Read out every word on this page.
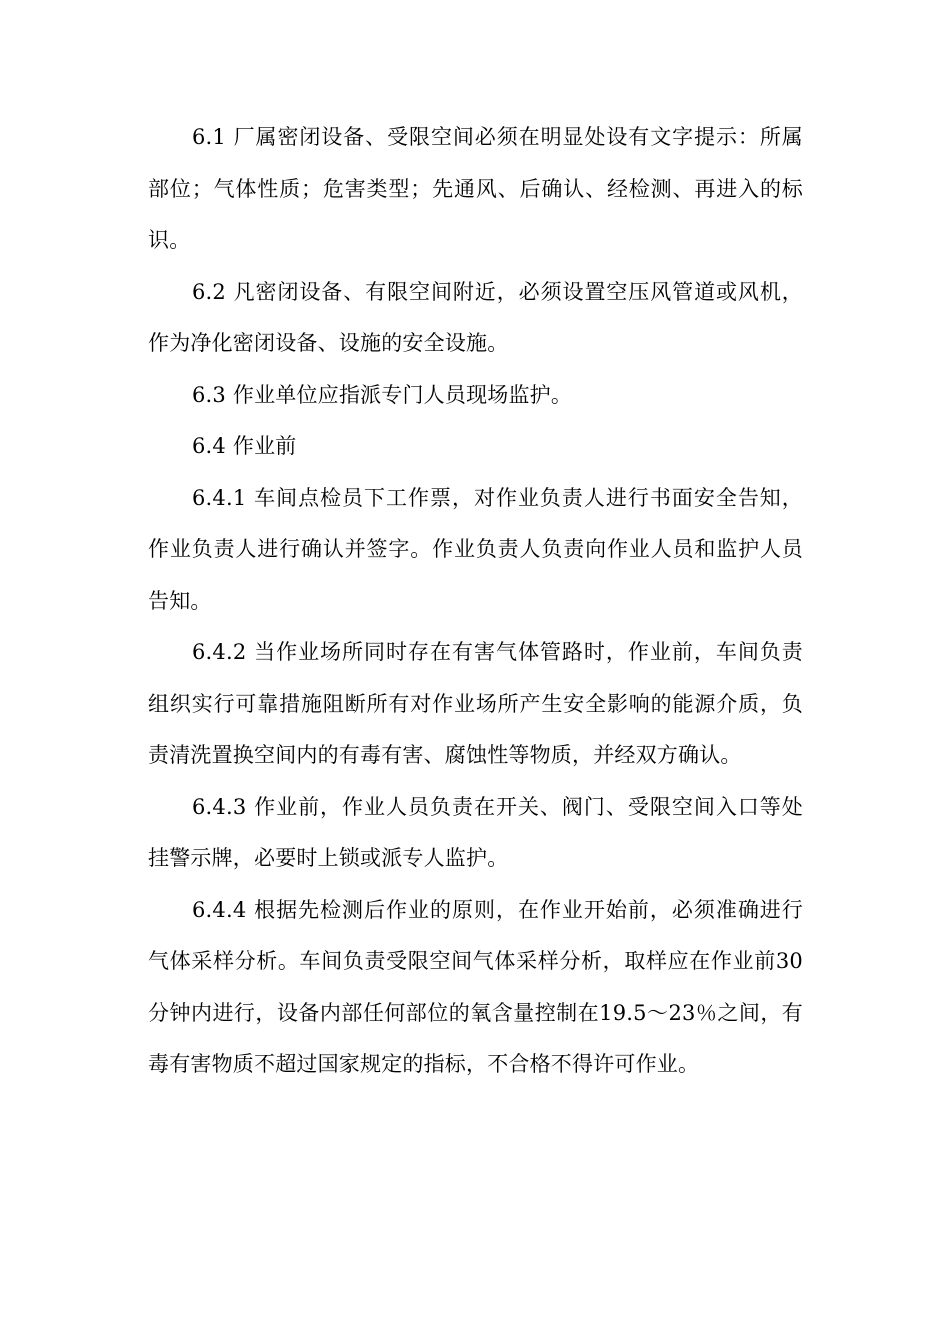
6.1 厂属密闭设备、受限空间必须在明显处设有文字提示：所属部位；气体性质；危害类型；先通风、后确认、经检测、再进入的标识。

6.2 凡密闭设备、有限空间附近，必须设置空压风管道或风机，作为净化密闭设备、设施的安全设施。

6.3 作业单位应指派专门人员现场监护。

6.4 作业前

6.4.1 车间点检员下工作票，对作业负责人进行书面安全告知，作业负责人进行确认并签字。作业负责人负责向作业人员和监护人员告知。

6.4.2 当作业场所同时存在有害气体管路时，作业前，车间负责组织实行可靠措施阻断所有对作业场所产生安全影响的能源介质，负责清洗置换空间内的有毒有害、腐蚀性等物质，并经双方确认。

6.4.3 作业前，作业人员负责在开关、阀门、受限空间入口等处挂警示牌，必要时上锁或派专人监护。

6.4.4 根据先检测后作业的原则，在作业开始前，必须准确进行气体采样分析。车间负责受限空间气体采样分析，取样应在作业前30分钟内进行，设备内部任何部位的氧含量控制在19.5～23％之间，有毒有害物质不超过国家规定的指标，不合格不得许可作业。
